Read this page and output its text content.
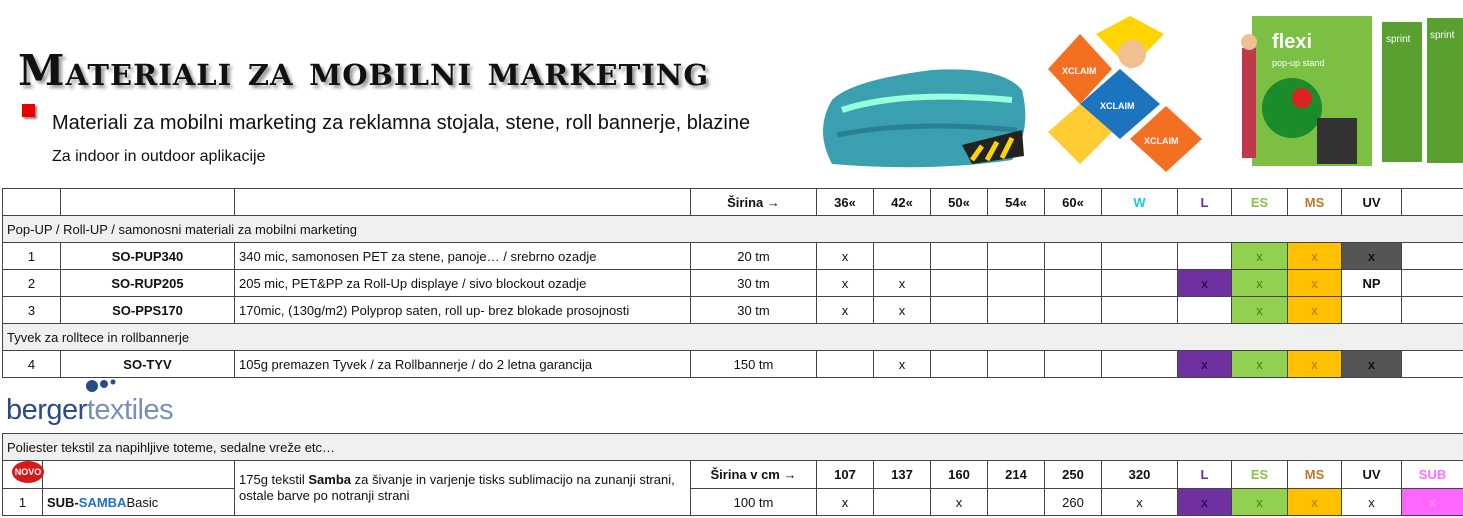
Materiali za mobilni marketing
Materiali za mobilni marketing za reklamna stojala, stene, roll bannerje, blazine
Za indoor in outdoor aplikacije
XCLAIM
XCLAIM
XCLAIM
flexi
pop-up stand
sprint sprint
			Širina →	36«	42«	50«	54«	60«	W	L	ES	MS	UV	
Pop-UP / Roll-UP / samonosni materiali za mobilni marketing														
1	SO-PUP340	340 mic, samonosen PET za stene, panoje… / srebrno ozadje	20 tm	x							x	x	x	
2	SO-RUP205	205 mic, PET&PP za Roll-Up displaye / sivo blockout ozadje	30 tm	x	x					x	x	x	NP	
3	SO-PPS170	170mic, (130g/m2) Polyprop saten, roll up- brez blokade prosojnosti	30 tm	x	x						x	x		
Tyvek za rolltece in rollbannerje														
4	SO-TYV	105g premazen Tyvek / za Rollbannerje / do 2 letna garancija	150 tm		x					x	x	x	x	
bergertextiles
Poliester tekstil za napihljive toteme, sedalne vreže etc…														
		175g tekstil Samba za šivanje in varjenje tisks sublimacijo na zunanji strani, ostale barve po notranji strani	Širina v cm →	107	137	160	214	250	320	L	ES	MS	UV	SUB
1	SUB-SAMBABasic		100 tm	x		x		260	x	x	x	x	x	x
NOVO
